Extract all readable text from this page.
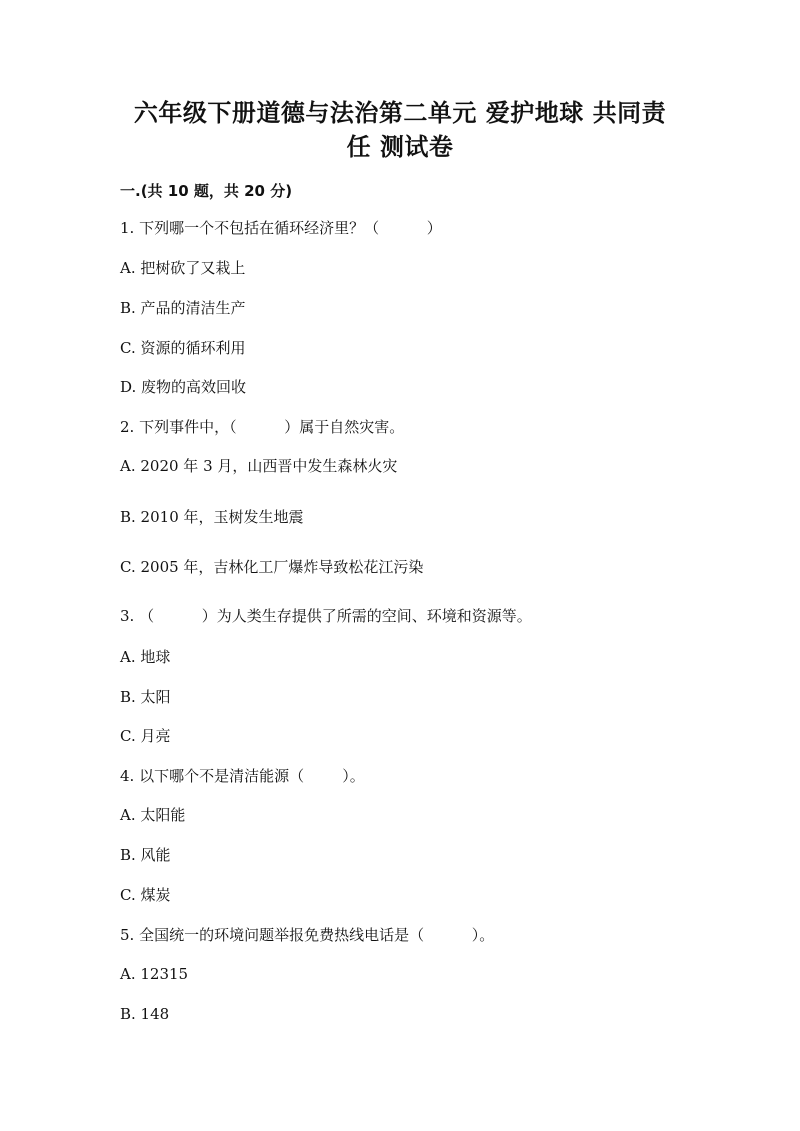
六年级下册道德与法治第二单元 爱护地球 共同责
任 测试卷
一.(共 10 题，共 20 分)
1. 下列哪一个不包括在循环经济里？（          ）
A. 把树砍了又栽上
B. 产品的清洁生产
C. 资源的循环利用
D. 废物的高效回收
2. 下列事件中，（          ）属于自然灾害。
A. 2020 年 3 月，山西晋中发生森林火灾
B. 2010 年，玉树发生地震
C. 2005 年，吉林化工厂爆炸导致松花江污染
3. （          ）为人类生存提供了所需的空间、环境和资源等。
A. 地球
B. 太阳
C. 月亮
4. 以下哪个不是清洁能源（        ）。
A. 太阳能
B. 风能
C. 煤炭
5. 全国统一的环境问题举报免费热线电话是（          ）。
A. 12315
B. 148
